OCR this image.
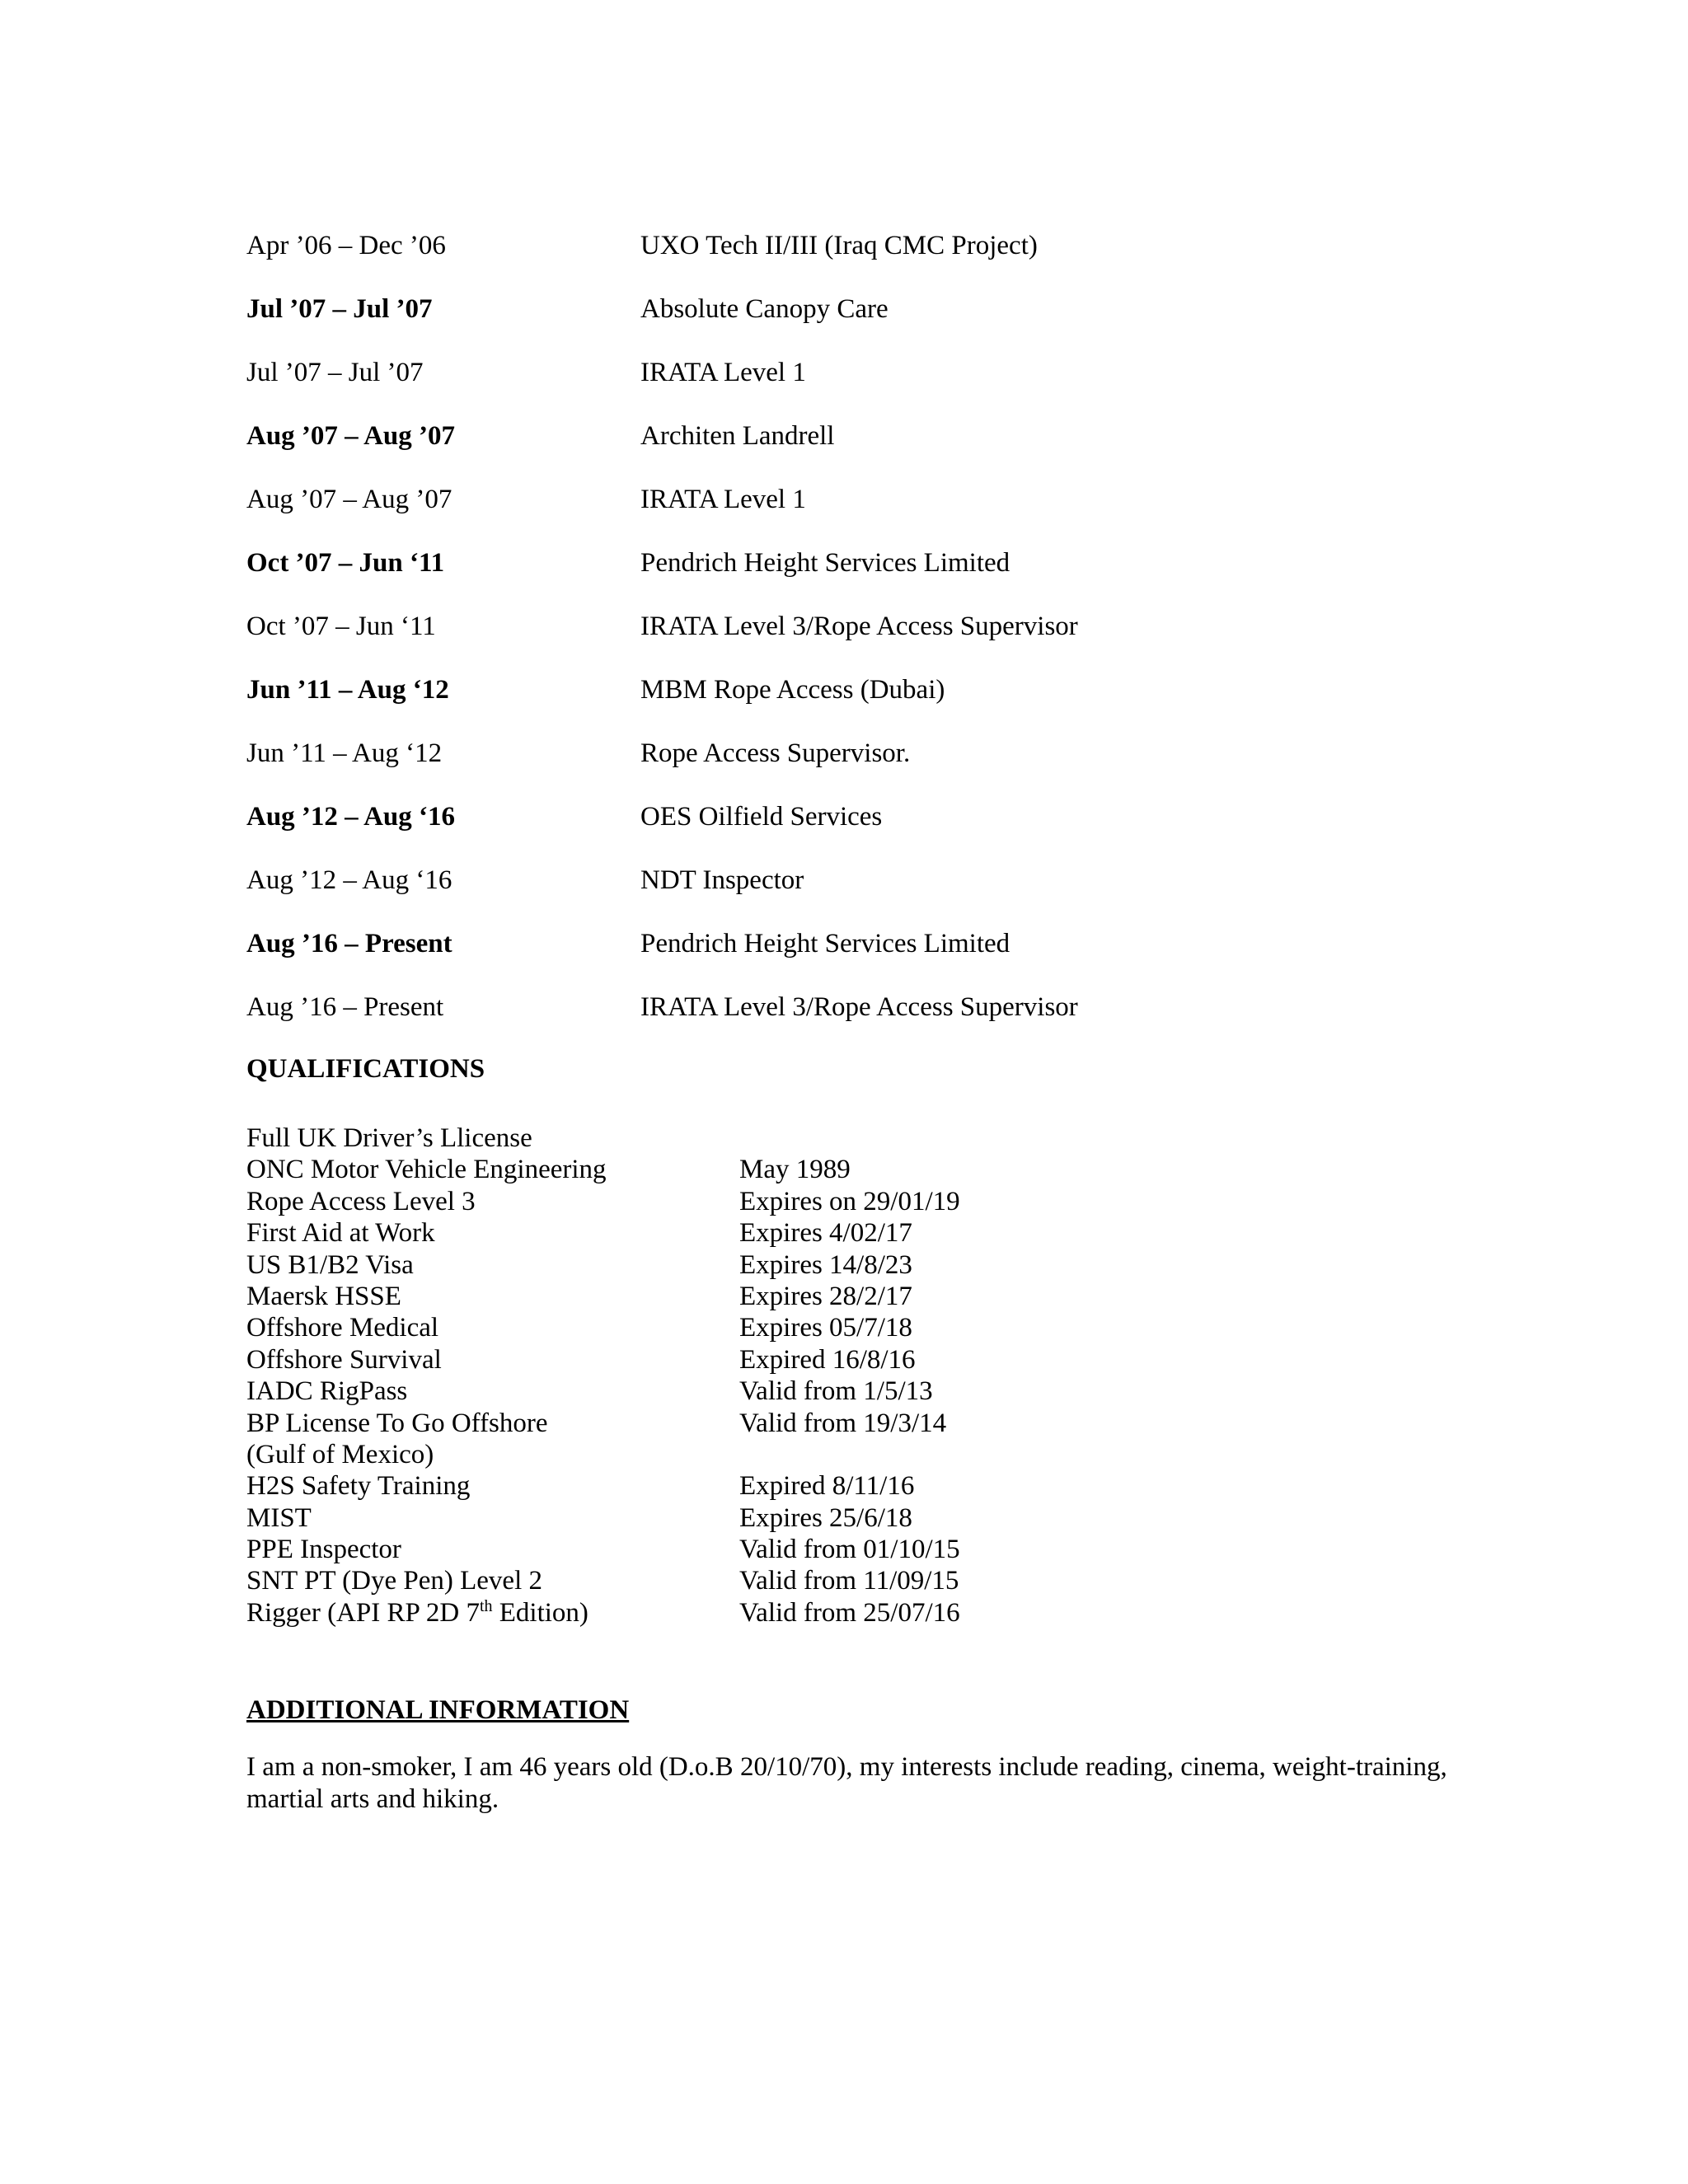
Apr ’06 – Dec ’06	UXO Tech II/III (Iraq CMC Project)
Jul ’07 – Jul ’07	Absolute Canopy Care
Jul ’07 – Jul ’07	IRATA Level 1
Aug ’07 – Aug ’07	Architen Landrell
Aug ’07 – Aug ’07	IRATA Level 1
Oct ’07 – Jun ‘11	Pendrich Height Services Limited
Oct ’07 – Jun ‘11	IRATA Level 3/Rope Access Supervisor
Jun ’11 – Aug ‘12	MBM Rope Access (Dubai)
Jun ’11 – Aug ‘12	Rope Access Supervisor.
Aug ’12 – Aug ‘16	OES Oilfield Services
Aug ’12 – Aug ‘16	NDT Inspector
Aug ’16 – Present	Pendrich Height Services Limited
Aug ’16 – Present	IRATA Level 3/Rope Access Supervisor
QUALIFICATIONS
Full UK Driver’s Llicense
ONC Motor Vehicle Engineering	May 1989
Rope Access Level 3	Expires on 29/01/19
First Aid at Work	Expires 4/02/17
US B1/B2 Visa	Expires 14/8/23
Maersk HSSE	Expires 28/2/17
Offshore Medical	Expires 05/7/18
Offshore Survival	Expired 16/8/16
IADC RigPass	Valid from 1/5/13
BP License To Go Offshore	Valid from 19/3/14
(Gulf of Mexico)
H2S Safety Training	Expired 8/11/16
MIST	Expires 25/6/18
PPE Inspector	Valid from 01/10/15
SNT PT (Dye Pen) Level 2	Valid from 11/09/15
Rigger (API RP 2D 7th Edition)	Valid from 25/07/16
ADDITIONAL INFORMATION
I am a non-smoker, I am 46 years old (D.o.B 20/10/70), my interests include reading, cinema, weight-training, martial arts and hiking.
